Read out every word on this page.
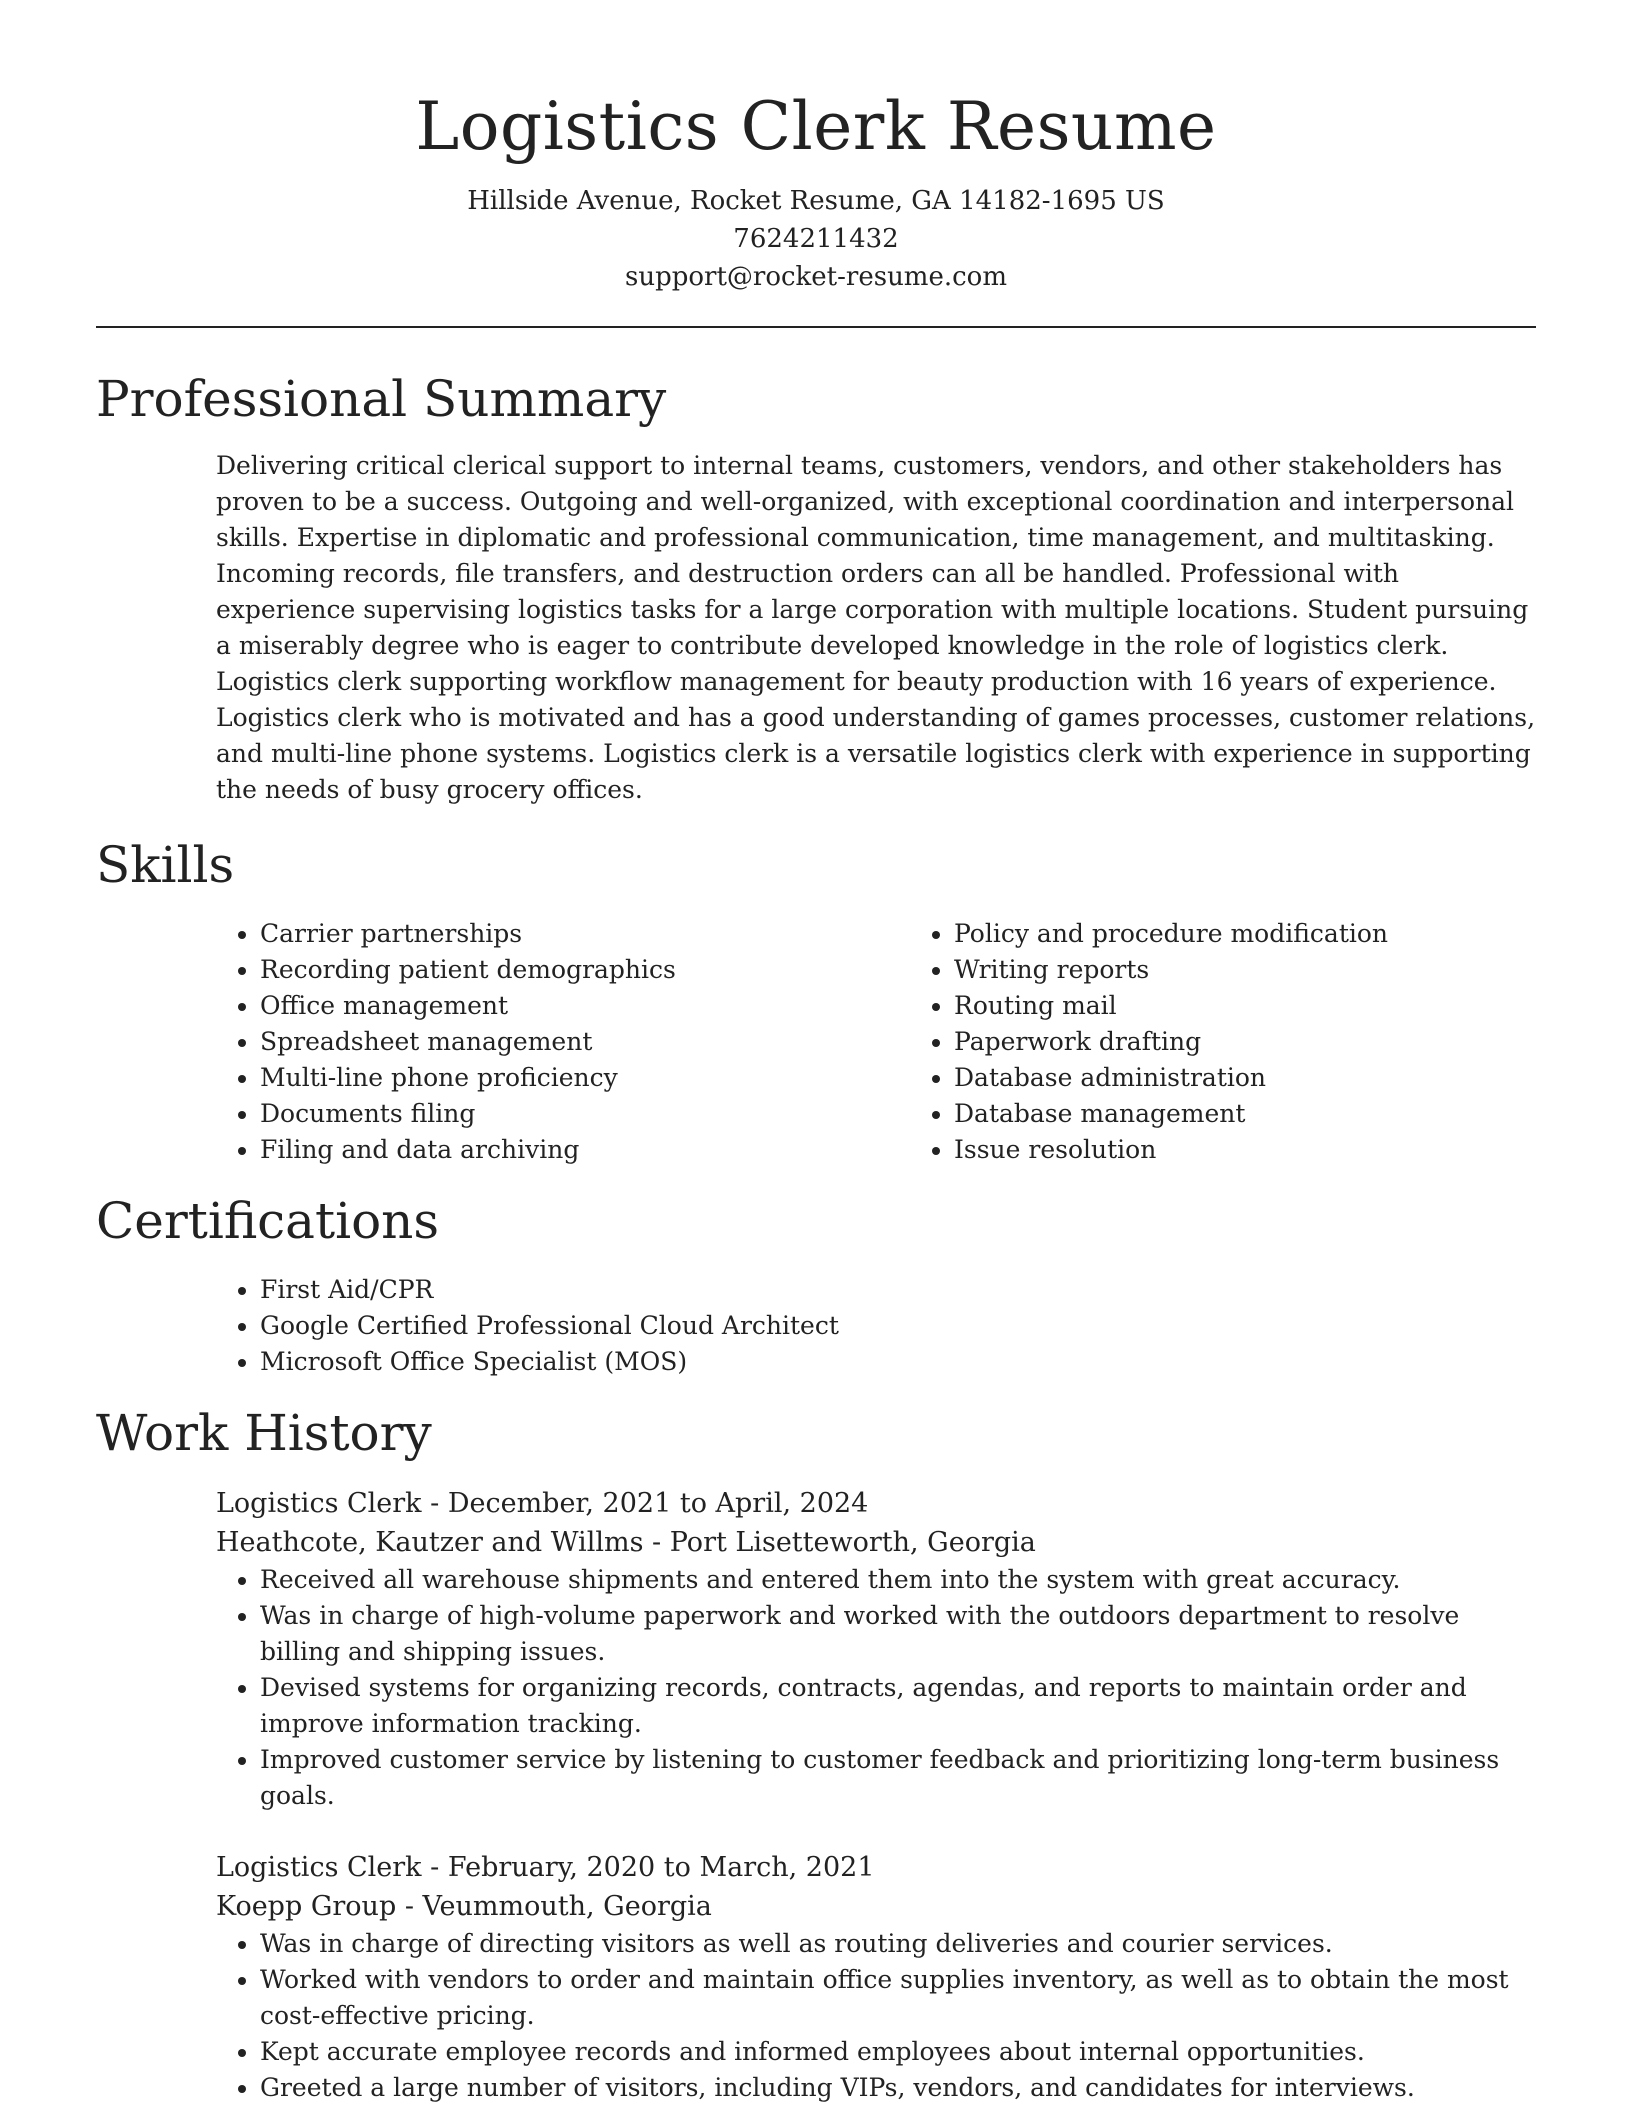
Logistics Clerk Resume
Hillside Avenue, Rocket Resume, GA 14182-1695 US
7624211432
support@rocket-resume.com
Professional Summary

Delivering critical clerical support to internal teams, customers, vendors, and other stakeholders has proven to be a success. Outgoing and well-organized, with exceptional coordination and interpersonal skills. Expertise in diplomatic and professional communication, time management, and multitasking. Incoming records, file transfers, and destruction orders can all be handled. Professional with experience supervising logistics tasks for a large corporation with multiple locations. Student pursuing a miserably degree who is eager to contribute developed knowledge in the role of logistics clerk. Logistics clerk supporting workflow management for beauty production with 16 years of experience. Logistics clerk who is motivated and has a good understanding of games processes, customer relations, and multi-line phone systems. Logistics clerk is a versatile logistics clerk with experience in supporting the needs of busy grocery offices.

Skills
• Carrier partnerships
• Recording patient demographics
• Office management
• Spreadsheet management
• Multi-line phone proficiency
• Documents filing
• Filing and data archiving
• Policy and procedure modification
• Writing reports
• Routing mail
• Paperwork drafting
• Database administration
• Database management
• Issue resolution
Certifications
• First Aid/CPR
• Google Certified Professional Cloud Architect
• Microsoft Office Specialist (MOS)
Work History
Logistics Clerk - December, 2021 to April, 2024
Heathcote, Kautzer and Willms - Port Lisetteworth, Georgia
• Received all warehouse shipments and entered them into the system with great accuracy.
• Was in charge of high-volume paperwork and worked with the outdoors department to resolve billing and shipping issues.
• Devised systems for organizing records, contracts, agendas, and reports to maintain order and improve information tracking.
• Improved customer service by listening to customer feedback and prioritizing long-term business goals.
Logistics Clerk - February, 2020 to March, 2021
Koepp Group - Veummouth, Georgia
• Was in charge of directing visitors as well as routing deliveries and courier services.
• Worked with vendors to order and maintain office supplies inventory, as well as to obtain the most cost-effective pricing.
• Kept accurate employee records and informed employees about internal opportunities.
• Greeted a large number of visitors, including VIPs, vendors, and candidates for interviews.
